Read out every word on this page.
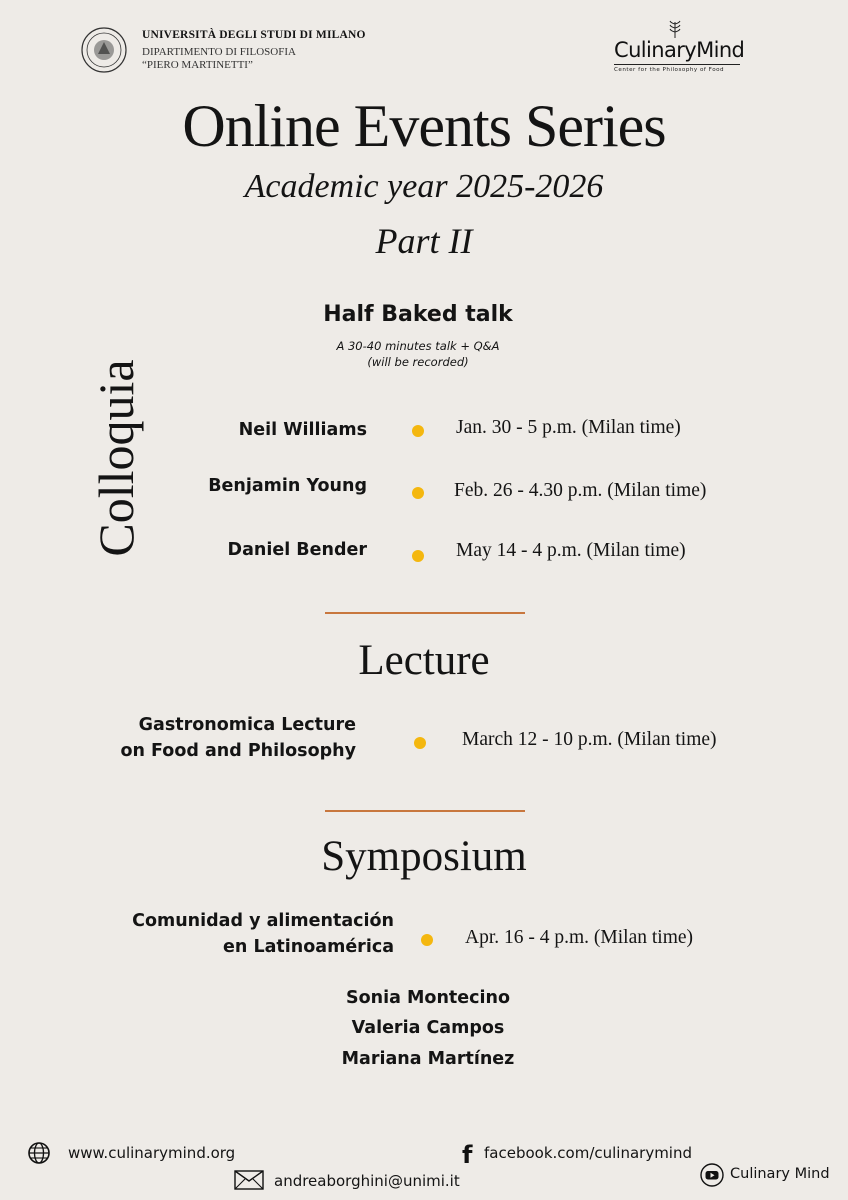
UNIVERSITÀ DEGLI STUDI DI MILANO
DIPARTIMENTO DI FILOSOFIA
“PIERO MARTINETTI”
CulinaryMind
Center for the Philosophy of Food
Online Events Series
Academic year 2025-2026
Part II
Colloquia
Half Baked talk
A 30-40 minutes talk + Q&A
(will be recorded)
Neil Williams	Jan. 30 - 5 p.m. (Milan time)
Benjamin Young	Feb. 26 - 4.30 p.m. (Milan time)
Daniel Bender	May 14 - 4 p.m. (Milan time)
Lecture
Gastronomica Lecture
on Food and Philosophy
March 12 - 10 p.m. (Milan time)
Symposium
Comunidad y alimentación
en Latinoamérica	Apr. 16 - 4 p.m. (Milan time)
Sonia Montecino
Valeria Campos
Mariana Martínez
www.culinarymind.org	f facebook.com/culinarymind
andreaborghini@unimi.it	Culinary Mind
